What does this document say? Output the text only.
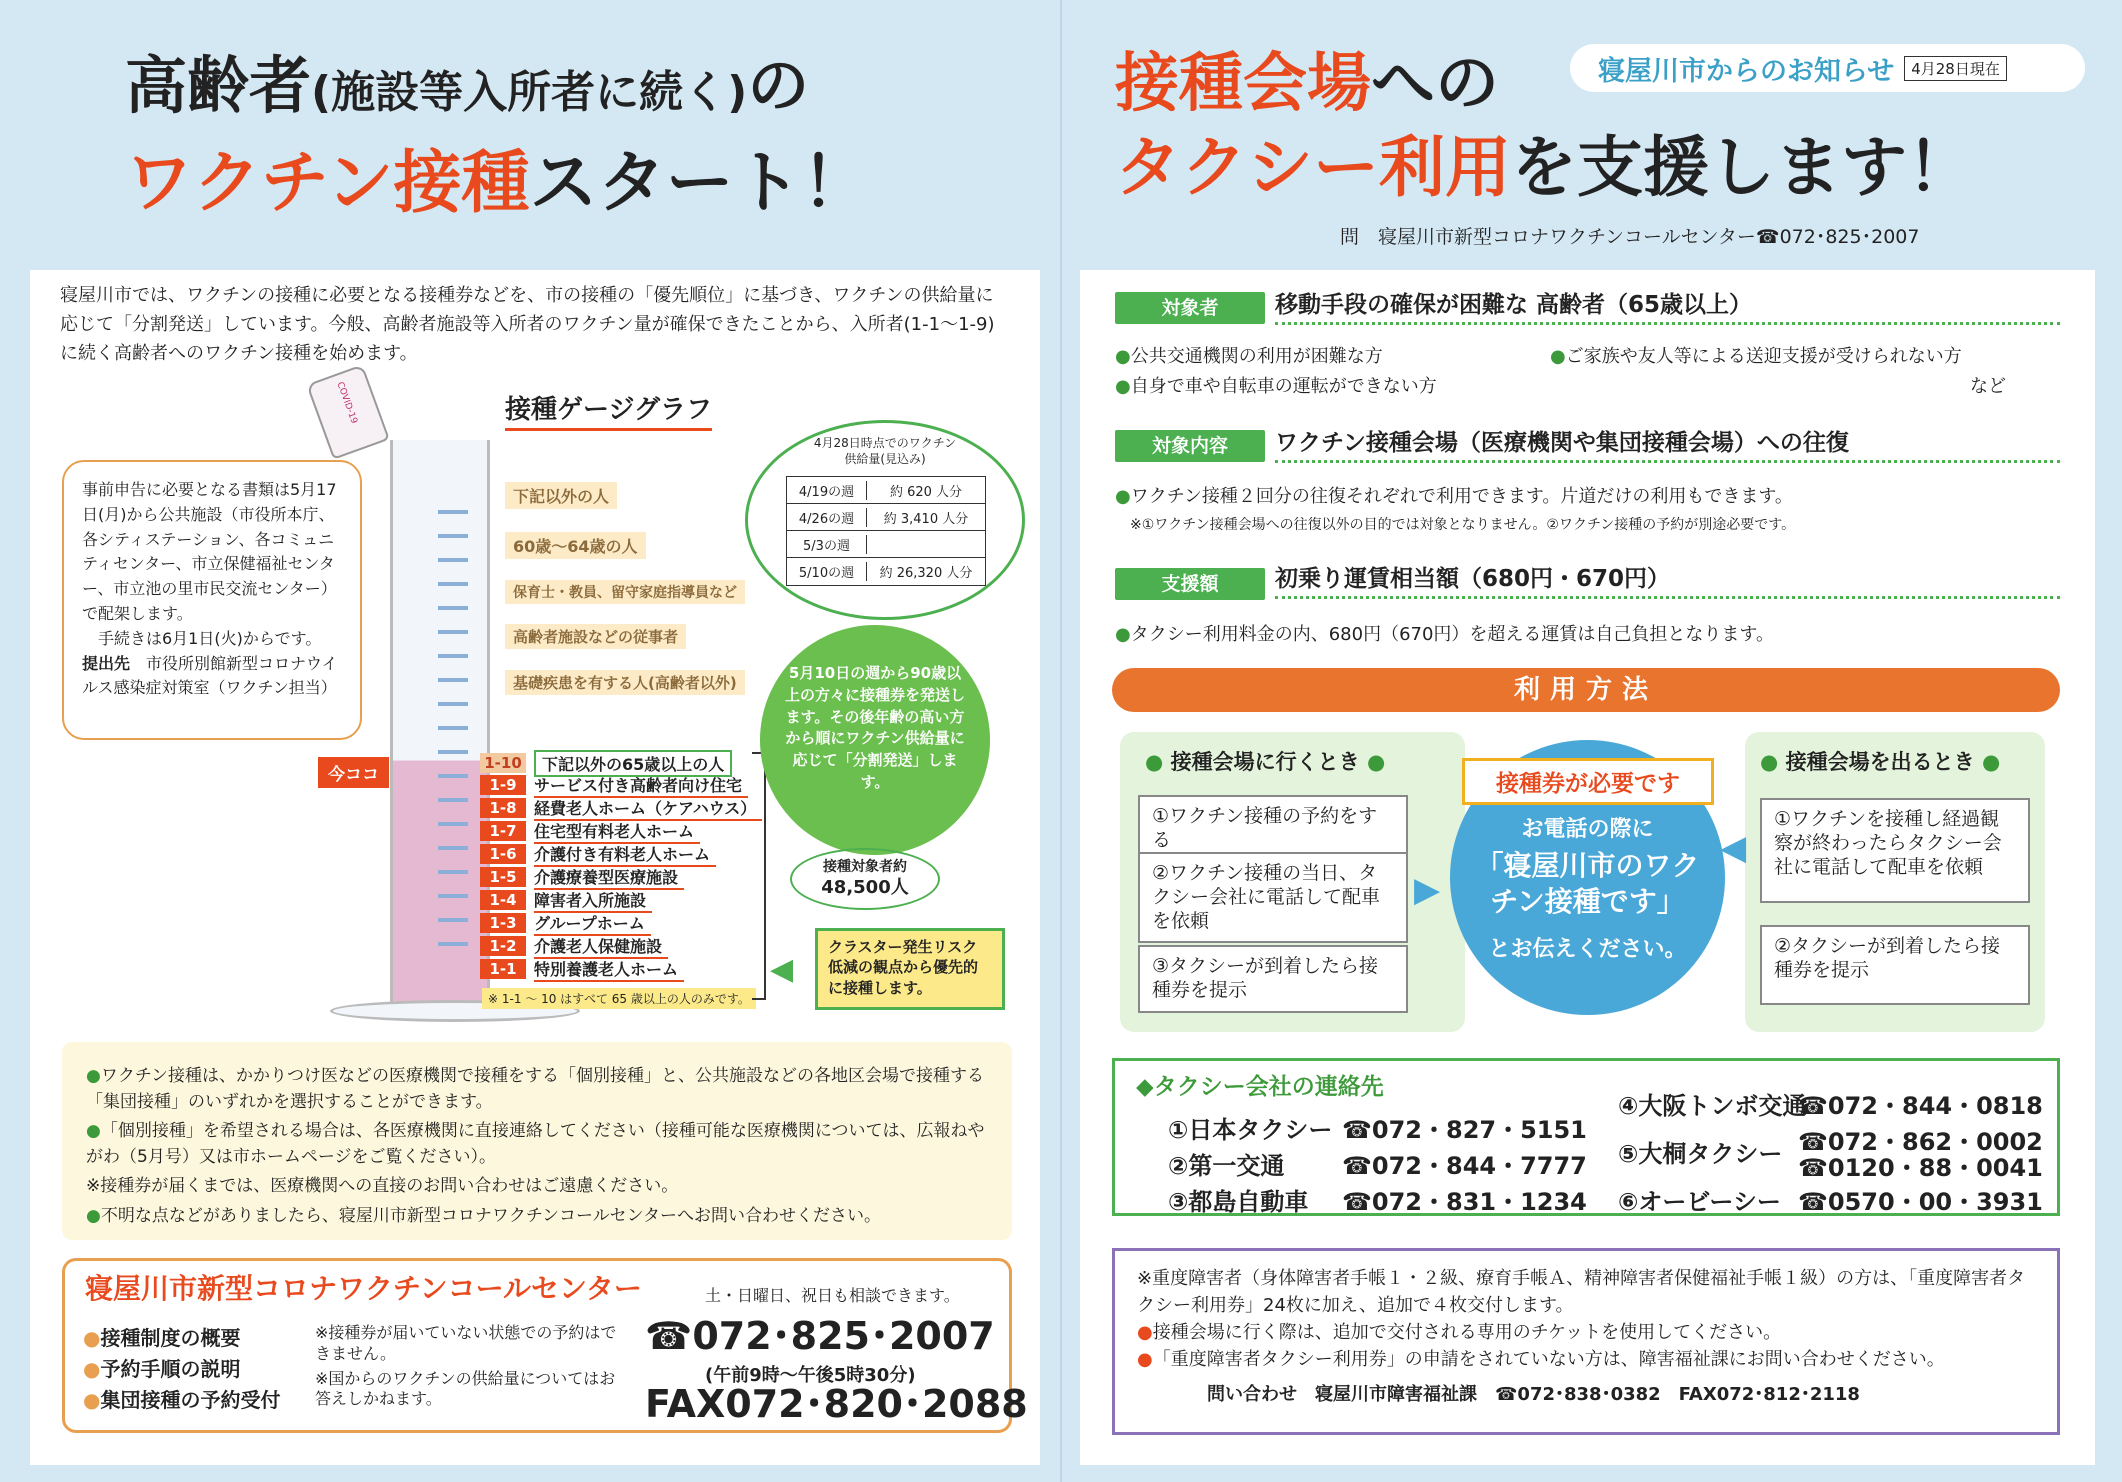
高齢者(施設等入所者に続く)の
ワクチン接種スタート！
寝屋川市では、ワクチンの接種に必要となる接種券などを、市の接種の「優先順位」に基づき、ワクチンの供給量に応じて「分割発送」しています。今般、高齢者施設等入所者のワクチン量が確保できたことから、入所者(1-1～1-9)に続く高齢者へのワクチン接種を始めます。
事前申告に必要となる書類は5月17日(月)から公共施設（市役所本庁、各シティステーション、各コミュニティセンター、市立保健福祉センター、市立池の里市民交流センター）で配架します。
手続きは6月1日(火)からです。
提出先　 市役所別館新型コロナウイルス感染症対策室（ワクチン担当）
COVID-19	接種ゲージグラフ
下記以外の人
60歳～64歳の人
保育士・教員、留守家庭指導員など
高齢者施設などの従事者
基礎疾患を有する人(高齢者以外)
今ココ
1-10	下記以外の65歳以上の人
1-9	サービス付き高齢者向け住宅
1-8	経費老人ホーム（ケアハウス）
1-7	住宅型有料老人ホーム
1-6	介護付き有料老人ホーム
1-5	介護療養型医療施設
1-4	障害者入所施設
1-3	グループホーム
1-2	介護老人保健施設
1-1	特別養護老人ホーム
※ 1-1 ～ 10 はすべて 65 歳以上の人のみです。
4月28日時点でのワクチン供給量(見込み)
4/19の週	約 620 人分
4/26の週	約 3,410 人分
5/3の週
5/10の週	約 26,320 人分
5月10日の週から90歳以上の方々に接種券を発送します。その後年齢の高い方から順にワクチン供給量に応じて「分割発送」します。
接種対象者約
48,500人
◀
クラスター発生リスク低減の観点から優先的に接種します。
●ワクチン接種は、かかりつけ医などの医療機関で接種をする「個別接種」と、公共施設などの各地区会場で接種する「集団接種」のいずれかを選択することができます。
●「個別接種」を希望される場合は、各医療機関に直接連絡してください（接種可能な医療機関については、広報ねやがわ（5月号）又は市ホームページをご覧ください）。
※接種券が届くまでは、医療機関への直接のお問い合わせはご遠慮ください。
●不明な点などがありましたら、寝屋川市新型コロナワクチンコールセンターへお問い合わせください。
寝屋川市新型コロナワクチンコールセンター	土・日曜日、祝日も相談できます。
●接種制度の概要
●予約手順の説明
●集団接種の予約受付
※接種券が届いていない状態での予約はできません。
※国からのワクチンの供給量についてはお答えしかねます。
☎072･825･2007
(午前9時～午後5時30分)
FAX072･820･2088
寝屋川市からのお知らせ	4月28日現在
接種会場への
タクシー利用を支援します！
問　寝屋川市新型コロナワクチンコールセンター☎072･825･2007
対象者	移動手段の確保が困難な 高齢者（65歳以上）
●公共交通機関の利用が困難な方	●ご家族や友人等による送迎支援が受けられない方
●自身で車や自転車の運転ができない方	など
対象内容	ワクチン接種会場（医療機関や集団接種会場）への往復
●ワクチン接種２回分の往復それぞれで利用できます。片道だけの利用もできます。
※①ワクチン接種会場への往復以外の目的では対象となりません。②ワクチン接種の予約が別途必要です。
支援額	初乗り運賃相当額（680円・670円）
●タクシー利用料金の内、680円（670円）を超える運賃は自己負担となります。
利用方法
● 接種会場に行くとき ●
①ワクチン接種の予約をする
②ワクチン接種の当日、タクシー会社に電話して配車を依頼
③タクシーが到着したら接種券を提示
▶
接種券が必要です
お電話の際に
「寝屋川市のワクチン接種です」
とお伝えください。
● 接種会場を出るとき ●
◀
①ワクチンを接種し経過観察が終わったらタクシー会社に電話して配車を依頼
②タクシーが到着したら接種券を提示
◆タクシー会社の連絡先
①日本タクシー ☎072・827・5151
②第一交通 ☎072・844・7777
③都島自動車 ☎072・831・1234
④大阪トンボ交通
☎072・844・0818
⑤大桐タクシー ☎072・862・0002
☎0120・88・0041
⑥オービーシー ☎0570・00・3931
※重度障害者（身体障害者手帳１・２級、療育手帳Ａ、精神障害者保健福祉手帳１級）の方は、「重度障害者タクシー利用券」24枚に加え、追加で４枚交付します。
●接種会場に行く際は、追加で交付される専用のチケットを使用してください。
●「重度障害者タクシー利用券」の申請をされていない方は、障害福祉課にお問い合わせください。
問い合わせ　寝屋川市障害福祉課　☎072･838･0382　FAX072･812･2118
